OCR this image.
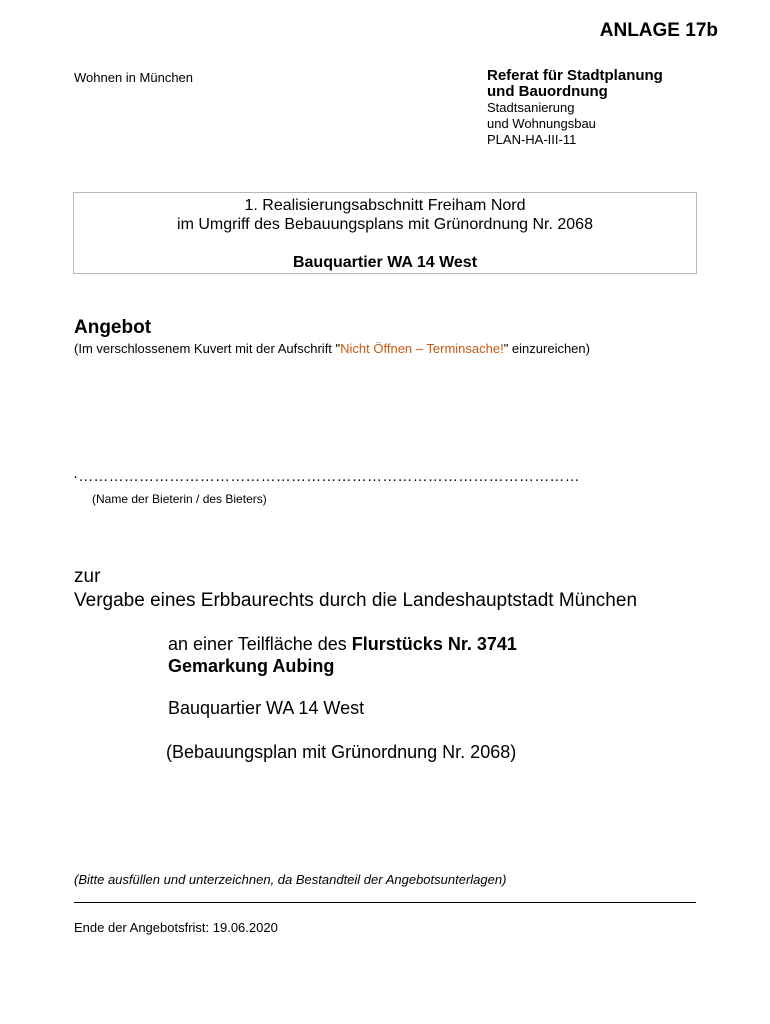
ANLAGE 17b
Wohnen in München	Referat für Stadtplanung
und Bauordnung
Stadtsanierung
und Wohnungsbau
PLAN-HA-III-11
1. Realisierungsabschnitt Freiham Nord
im Umgriff des Bebauungsplans mit Grünordnung Nr. 2068
Bauquartier WA 14 West
Angebot
(Im verschlossenem Kuvert mit der Aufschrift "Nicht Öffnen – Terminsache!" einzureichen)
·………………………………………………………………………………………
(Name der Bieterin / des Bieters)
zur
Vergabe eines Erbbaurechts durch die Landeshauptstadt München
an einer Teilfläche des Flurstücks Nr. 3741
Gemarkung Aubing
Bauquartier WA 14 West
(Bebauungsplan mit Grünordnung Nr. 2068)
(Bitte ausfüllen und unterzeichnen, da Bestandteil der Angebotsunterlagen)
Ende der Angebotsfrist: 19.06.2020
